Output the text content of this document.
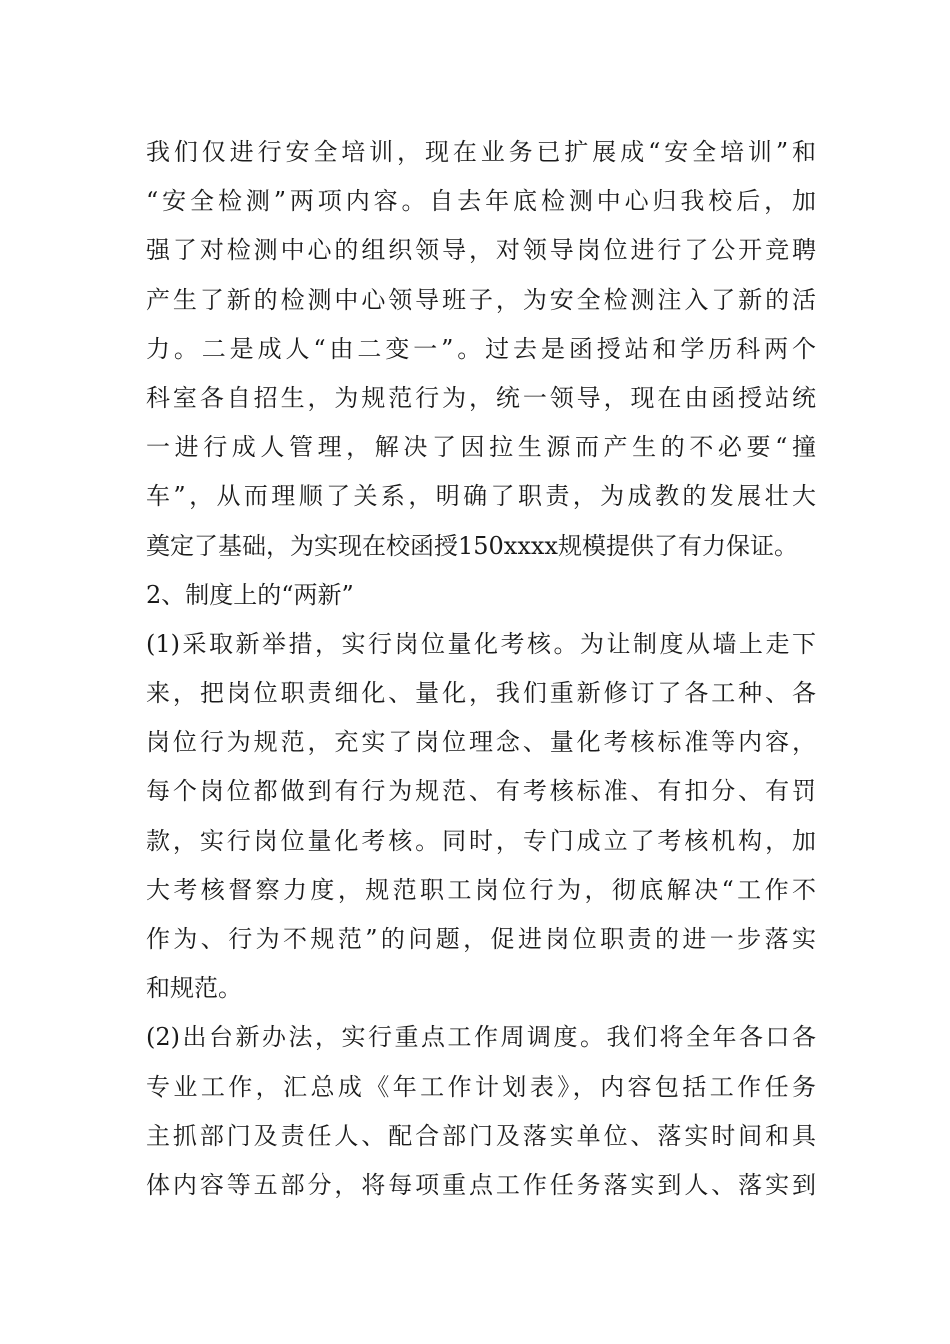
我们仅进行安全培训，现在业务已扩展成“安全培训”和
“安全检测”两项内容。自去年底检测中心归我校后，加
强了对检测中心的组织领导，对领导岗位进行了公开竞聘
产生了新的检测中心领导班子，为安全检测注入了新的活
力。二是成人“由二变一”。过去是函授站和学历科两个
科室各自招生，为规范行为，统一领导，现在由函授站统
一进行成人管理，解决了因拉生源而产生的不必要“撞
车”，从而理顺了关系，明确了职责，为成教的发展壮大
奠定了基础，为实现在校函授150xxxx规模提供了有力保证。
2、制度上的“两新”
(1)采取新举措，实行岗位量化考核。为让制度从墙上走下
来，把岗位职责细化、量化，我们重新修订了各工种、各
岗位行为规范，充实了岗位理念、量化考核标准等内容，
每个岗位都做到有行为规范、有考核标准、有扣分、有罚
款，实行岗位量化考核。同时，专门成立了考核机构，加
大考核督察力度，规范职工岗位行为，彻底解决“工作不
作为、行为不规范”的问题，促进岗位职责的进一步落实
和规范。
(2)出台新办法，实行重点工作周调度。我们将全年各口各
专业工作，汇总成《年工作计划表》，内容包括工作任务
主抓部门及责任人、配合部门及落实单位、落实时间和具
体内容等五部分，将每项重点工作任务落实到人、落实到
